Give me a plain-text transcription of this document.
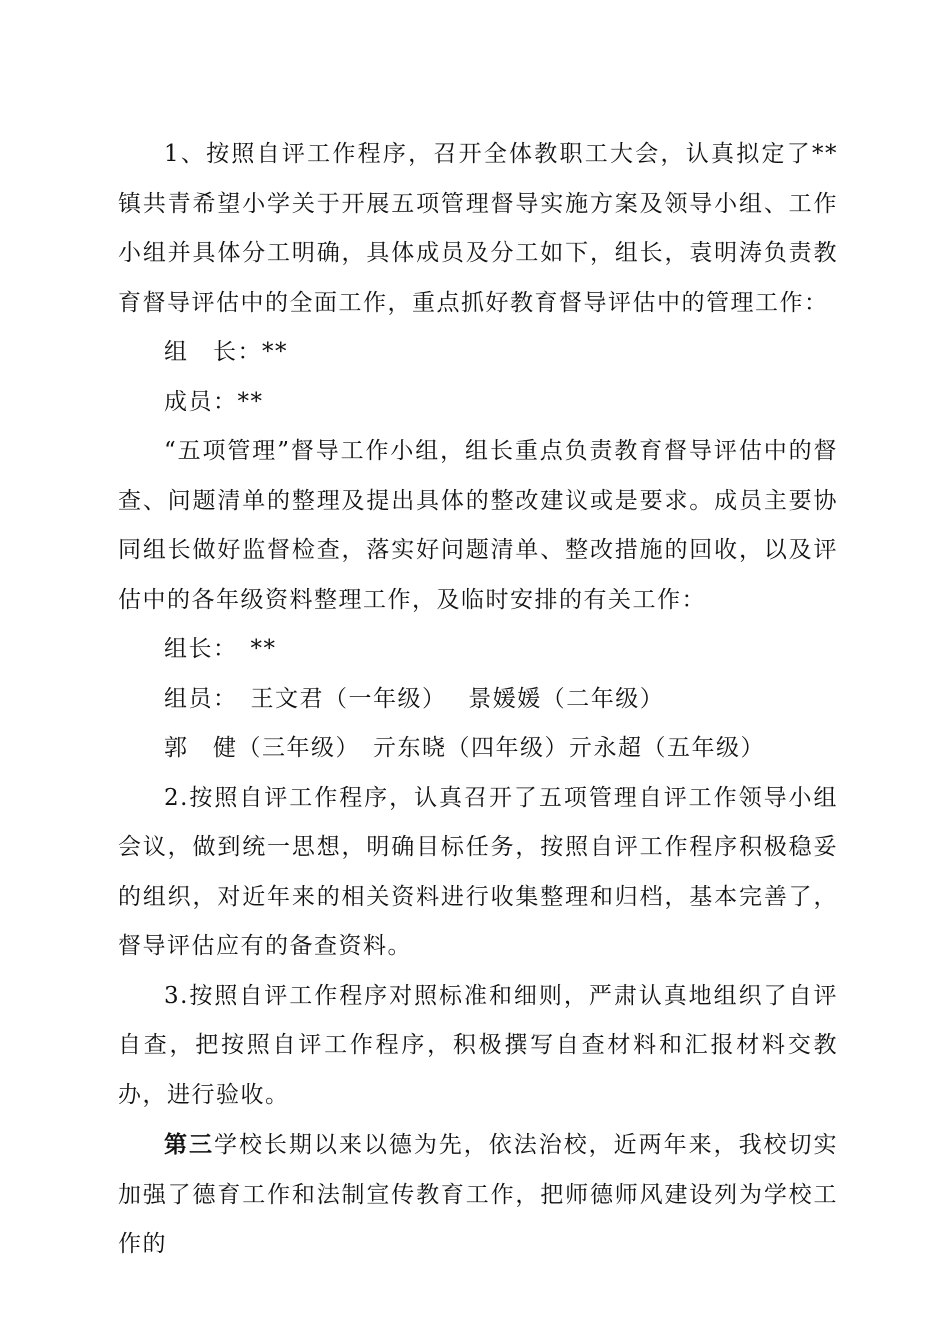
1、按照自评工作程序，召开全体教职工大会，认真拟定了**镇共青希望小学关于开展五项管理督导实施方案及领导小组、工作小组并具体分工明确，具体成员及分工如下，组长，袁明涛负责教育督导评估中的全面工作，重点抓好教育督导评估中的管理工作：

组　长：**

成员：**

“五项管理”督导工作小组，组长重点负责教育督导评估中的督查、问题清单的整理及提出具体的整改建议或是要求。成员主要协同组长做好监督检查，落实好问题清单、整改措施的回收，以及评估中的各年级资料整理工作，及临时安排的有关工作：

组长：　**

组员：　王文君（一年级）　 景媛媛（二年级）

郭　健（三年级）　亓东晓（四年级）亓永超（五年级）

2.按照自评工作程序，认真召开了五项管理自评工作领导小组会议，做到统一思想，明确目标任务，按照自评工作程序积极稳妥的组织，对近年来的相关资料进行收集整理和归档，基本完善了，督导评估应有的备查资料。

3.按照自评工作程序对照标准和细则，严肃认真地组织了自评自查，把按照自评工作程序，积极撰写自查材料和汇报材料交教办，进行验收。

第三学校长期以来以德为先，依法治校，近两年来，我校切实加强了德育工作和法制宣传教育工作，把师德师风建设列为学校工作的
